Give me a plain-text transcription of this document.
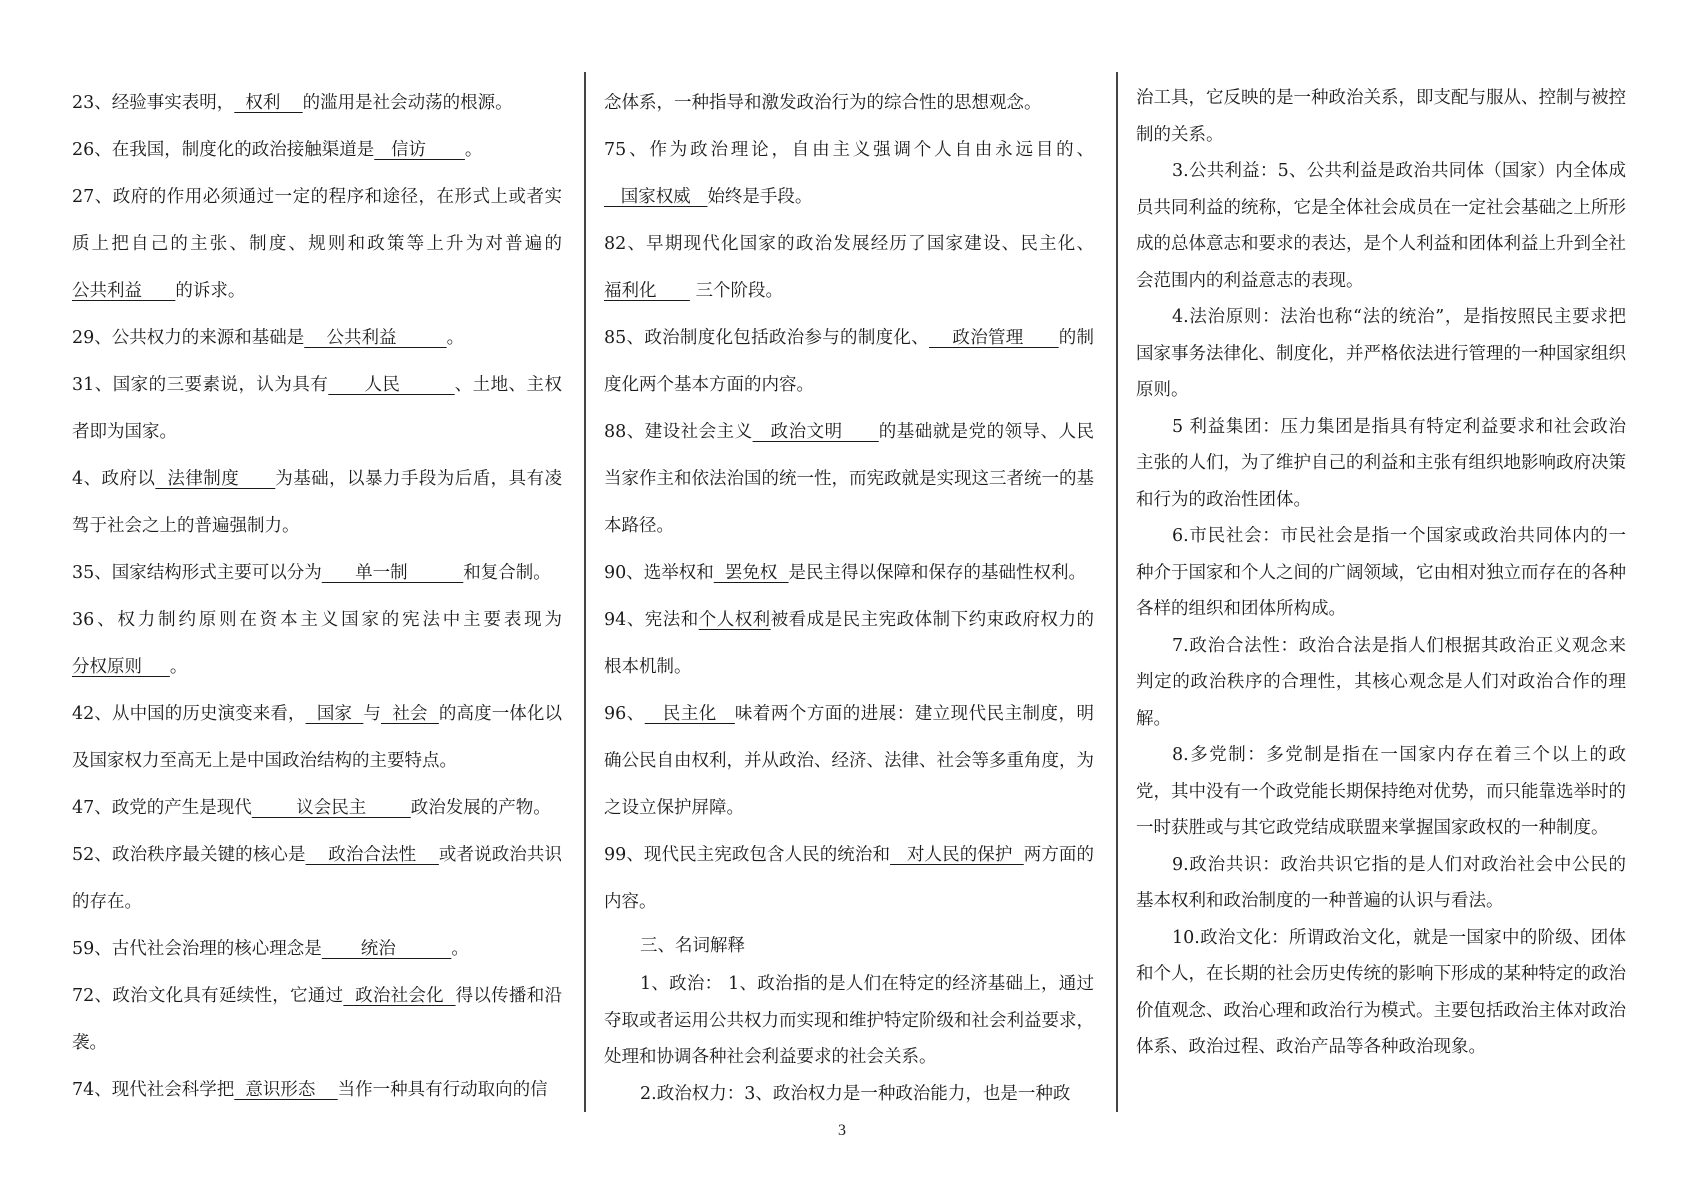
23、经验事实表明，  权利    的滥用是社会动荡的根源。

26、在我国，制度化的政治接触渠道是   信访       。

27、政府的作用必须通过一定的程序和途径，在形式上或者实质上把自己的主张、制度、规则和政策等上升为对普遍的公共利益      的诉求。

29、公共权力的来源和基础是    公共利益         。

31、国家的三要素说，认为具有      人民         、土地、主权者即为国家。

4、政府以  法律制度      为基础，以暴力手段为后盾，具有凌驾于社会之上的普遍强制力。

35、国家结构形式主要可以分为      单一制          和复合制。

36、权力制约原则在资本主义国家的宪法中主要表现为分权原则     。

42、从中国的历史演变来看，  国家  与  社会  的高度一体化以及国家权力至高无上是中国政治结构的主要特点。

47、政党的产生是现代        议会民主        政治发展的产物。

52、政治秩序最关键的核心是    政治合法性    或者说政治共识的存在。

59、古代社会治理的核心理念是       统治          。

72、政治文化具有延续性，它通过  政治社会化  得以传播和沿袭。

74、现代社会科学把  意识形态    当作一种具有行动取向的信

念体系，一种指导和激发政治行为的综合性的思想观念。

75、作为政治理论，自由主义强调个人自由永远目的、   国家权威   始终是手段。

82、早期现代化国家的政治发展经历了国家建设、民主化、福利化       三个阶段。

85、政治制度化包括政治参与的制度化、    政治管理      的制度化两个基本方面的内容。

88、建设社会主义   政治文明      的基础就是党的领导、人民当家作主和依法治国的统一性，而宪政就是实现这三者统一的基本路径。

90、选举权和  罢免权  是民主得以保障和保存的基础性权利。

94、宪法和个人权利被看成是民主宪政体制下约束政府权力的根本机制。

96、   民主化   味着两个方面的进展：建立现代民主制度，明确公民自由权利，并从政治、经济、法律、社会等多重角度，为之设立保护屏障。

99、现代民主宪政包含人民的统治和   对人民的保护  两方面的内容。

三、名词解释

1、政治： 1、政治指的是人们在特定的经济基础上，通过夺取或者运用公共权力而实现和维护特定阶级和社会利益要求，处理和协调各种社会利益要求的社会关系。

2.政治权力：3、政治权力是一种政治能力，也是一种政

治工具，它反映的是一种政治关系，即支配与服从、控制与被控制的关系。

3.公共利益：5、公共利益是政治共同体（国家）内全体成员共同利益的统称，它是全体社会成员在一定社会基础之上所形成的总体意志和要求的表达，是个人利益和团体利益上升到全社会范围内的利益意志的表现。

4.法治原则：法治也称“法的统治”，是指按照民主要求把国家事务法律化、制度化，并严格依法进行管理的一种国家组织原则。

5 利益集团：压力集团是指具有特定利益要求和社会政治主张的人们，为了维护自己的利益和主张有组织地影响政府决策和行为的政治性团体。

6.市民社会：市民社会是指一个国家或政治共同体内的一种介于国家和个人之间的广阔领域，它由相对独立而存在的各种各样的组织和团体所构成。

7.政治合法性：政治合法是指人们根据其政治正义观念来判定的政治秩序的合理性，其核心观念是人们对政治合作的理解。

8.多党制：多党制是指在一国家内存在着三个以上的政党，其中没有一个政党能长期保持绝对优势，而只能靠选举时的一时获胜或与其它政党结成联盟来掌握国家政权的一种制度。

9.政治共识：政治共识它指的是人们对政治社会中公民的基本权利和政治制度的一种普遍的认识与看法。

10.政治文化：所谓政治文化，就是一国家中的阶级、团体和个人，在长期的社会历史传统的影响下形成的某种特定的政治价值观念、政治心理和政治行为模式。主要包括政治主体对政治体系、政治过程、政治产品等各种政治现象。

3
